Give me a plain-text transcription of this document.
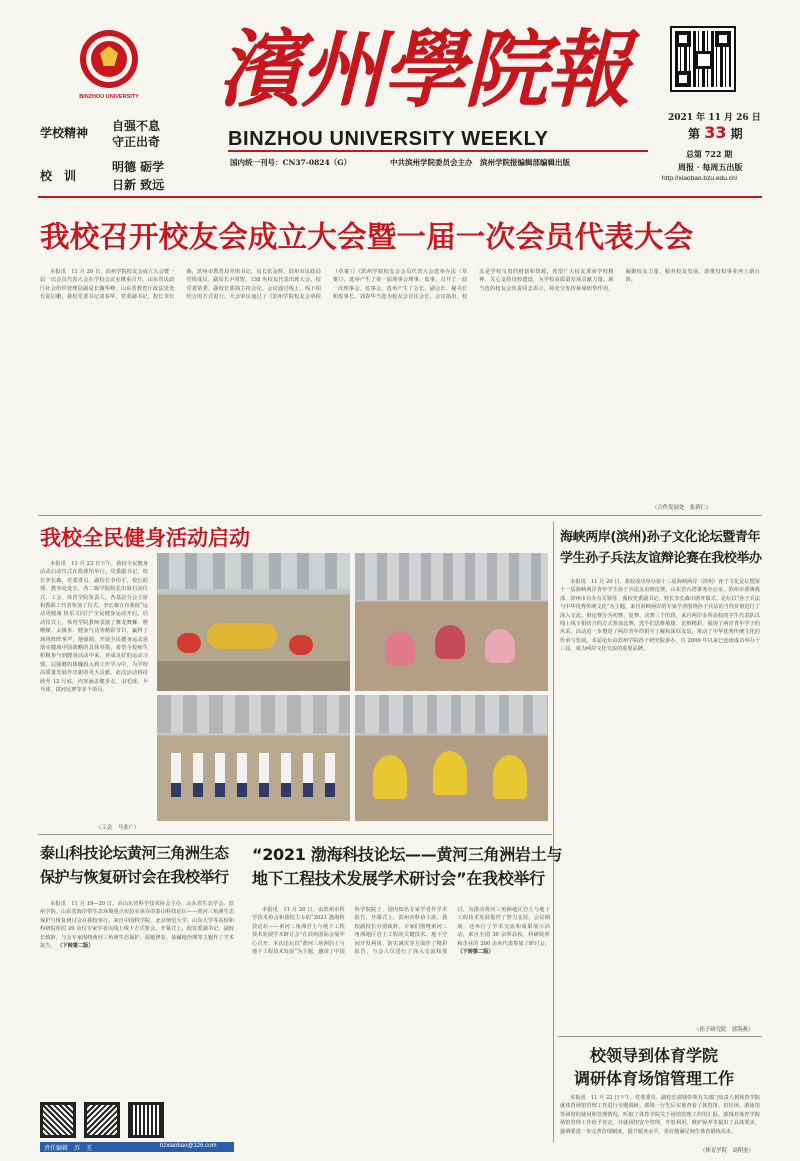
BINZHOU UNIVERSITY
学校精神 自强不息
守正出奇
校　训
明德 砺学
日新 致远
濱州學院報
BINZHOU UNIVERSITY WEEKLY
国内统一刊号：CN37-0824（G）	中共滨州学院委员会主办　滨州学院报编辑部编辑出版
2021 年 11 月 26 日
第 33 期
总第 722 期
周报 · 每周五出版
http://xiaobao.bzu.edu.cn/
我校召开校友会成立大会暨一届一次会员代表大会
本报讯　11 月 20 日，滨州学院校友会成立大会暨一届一次会员代表大会在学校会议室隆重召开。山东省民政厅社会组织管理局副局长魏华峰，山东省教育厅政法处处长夏启鹏，我校党委书记刘春华，党委副书记、校长李长森，滨州市教育局党组书记，局长张金辉，滨州市民政局党组成员、副局长尹常智，138 名校友代表出席大会。校党委常委、副校长郭钱主持会议。会议通过线上、线下相结合的方式进行。大会审议通过了《滨州学院校友会章程（草案）》《滨州学院校友会会员代表大会选举办法（草案）》，选举产生了第一届理事会理事、监事，召开了一届一次理事会、监事会，选举产生了会长、副会长、秘书长和监事长。刘春华当选为校友会首任会长。会议指出，校友是学校宝贵的财富和资源，希望广大校友秉承学校精神，关心支持母校建设，为学校高质量发展贡献力量。新当选的校友会负责同志表示，将充分发挥桥梁纽带作用，凝聚校友力量，服务校友发展，助推母校事业再上新台阶。
（合作发展处　张新仁）
我校全民健身活动启动
本报讯　11 月 23 日下午，我校全民健身活动启动仪式在篮球馆举行。党委副书记、校长李长森，党委委员、副校长李伟平，校长助理、教务处处长，各二级学院院长出席启动仪式。工会、体育学院负责人，各基层分会主席和教职工代表参加了仪式。李长森宣布我校“运动更健康 快乐又同行”全民健身运动开启。启动仪式上，体育学院教师表演了舞龙舞狮、啦啦操、太极拳、健身气功等精彩节目，赢得了现场阵阵掌声。他强调，开展全民健身运动是落实健康中国战略的具体举措，希望全校师生积极参与到健身活动中来，养成良好的运动习惯，以强健的体魄投入到工作学习中，为学校高质量发展作出新的更大贡献。此次活动将持续至 12 月底，内容涵盖健步走、羽毛球、乒乓球、拔河比赛等多个项目。
（工会　马金广）
海峡两岸(滨州)孙子文化论坛暨青年
学生孙子兵法友谊辩论赛在我校举办
本报讯　11 月 20 日，我校成功举办第十三届海峡两岸（滨州）孙子文化论坛暨第十一届海峡两岸青年学生孙子兵法友谊辩论赛。山东省台湾事务办公室、滨州市委统战部、滨州市台办有关领导，我校党委副书记，校长李长森出席开幕式。论坛以“孙子兵法与中华优秀传统文化”为主题，来自海峡两岸的专家学者围绕孙子兵法的当代价值进行了深入交流。辩论赛分为初赛、复赛、决赛三个阶段，来自两岸多所高校的学生代表队以线上线下相结合的方式参加比赛，选手们思维敏捷、论辩精彩，展现了两岸青年学子的风采。活动进一步增进了两岸青年的相互了解和深厚友谊，推动了中华优秀传统文化的传承与发展。本届论坛由滨州学院孙子研究院承办，自 2009 年以来已连续成功举办十三届，成为两岸文化交流的重要品牌。
（孙子研究院　郭海燕）
校领导到体育学院
调研体育场馆管理工作
本报讯　11 月 22 日下午，党委委员、副校长郭钱带领有关部门负责人到体育学院就体育场馆管理工作进行专题调研。郭钱一行先后实地查看了体育馆、田径场、游泳馆等场馆的使用和管理情况，听取了体育学院关于场馆管理工作的汇报。郭钱对体育学院场馆管理工作给予肯定，并就场馆安全管理、开放利用、维护保养等提出了具体要求，强调要进一步完善管理制度，提升服务水平，更好地满足师生体育锻炼需求。
（体育学院　高明奎）
泰山科技论坛黄河三角洲生态
保护与恢复研讨会在我校举行
本报讯　11 月 19—20 日，由山东省科学技术协会主办，山东省生态学会、滨州学院、山东省海岸带生态环境重点实验室承办的泰山科技论坛——黄河三角洲生态保护与恢复研讨会在我校举行。来自中国科学院、北京师范大学、山东大学等高校和科研院所的 20 余位专家学者以线上线下方式参会。开幕式上，校党委副书记、副校长致辞。与会专家围绕黄河三角洲生态保护、湿地修复、盐碱地治理等主题作了学术报告。 （下转第二版）
责任编辑　苏　玉	bzxiaobao@126.com
“2021 渤海科技论坛——黄河三角洲岩土与
地下工程技术发展学术研讨会”在我校举行
本报讯　11 月 20 日，由滨州市科学技术协会和我校主办的“2021 渤海科技论坛——黄河三角洲岩土与地下工程技术发展学术研讨会”在滨州国际会展中心召开。本次论坛以“黄河三角洲岩土与地下工程技术发展”为主题，邀请了中国科学院院士、国内知名专家学者作学术报告。开幕式上，滨州市科协主席、我校副校长分别致辞。专家们围绕黄河三角洲地区岩土工程的关键技术、地下空间开发利用、防灾减灾等方面作了精彩报告，与会人员进行了深入交流和探讨，为推动黄河三角洲地区岩土与地下工程技术发展提供了智力支持。会议期间，还举行了学术交流和成果展示活动，来自全国 30 余所高校、科研院所和企业的 200 余名代表参加了研讨会。 （下转第二版）
